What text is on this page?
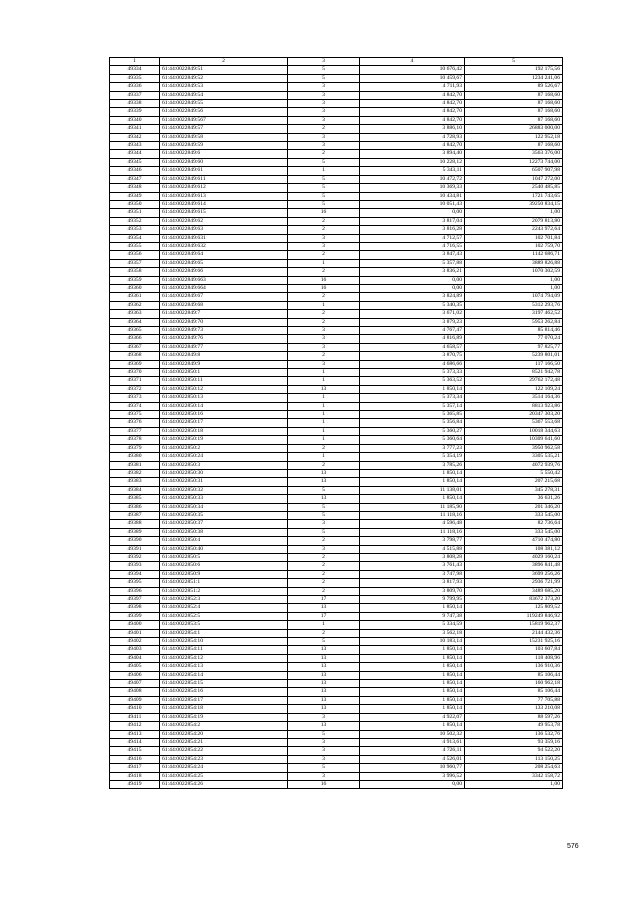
1	2	3	4	5
49334	61:44:0022849:51	5	10 676,42	192 175,56
49335	61:44:0022849:52	5	10 459,67	1234 241,06
49336	61:44:0022849:53	3	4 711,93	89 526,67
49337	61:44:0022849:54	3	4 842,70	87 168,60
49338	61:44:0022849:55	3	4 842,70	87 168,60
49339	61:44:0022849:56	3	4 842,70	87 168,60
49340	61:44:0022849:567	3	4 842,70	87 168,60
49341	61:44:0022849:57	2	3 886,10	26883 000,00
49342	61:44:0022849:58	3	4 728,93	122 952,18
49343	61:44:0022849:59	3	4 842,70	87 168,60
49344	61:44:0022849:6	2	3 894,40	3563 376,00
49345	61:44:0022849:60	5	10 228,12	12273 744,00
49346	61:44:0022849:61	1	5 343,11	6507 907,98
49347	61:44:0022849:611	5	10 472,72	1047 272,00
49348	61:44:0022849:612	5	10 369,33	2540 485,85
49349	61:44:0022849:613	5	10 434,81	1721 743,65
49350	61:44:0022849:614	5	10 051,43	39250 834,15
49351	61:44:0022849:615	16	0,00	1,00
49352	61:44:0022849:62	2	3 817,04	2079 813,80
49353	61:44:0022849:63	2	3 816,28	2243 972,64
49354	61:44:0022849:631	3	4 712,57	102 701,84
49355	61:44:0022849:632	3	4 716,55	102 759,70
49356	61:44:0022849:64	2	3 847,43	1142 686,71
49357	61:44:0022849:65	1	5 357,88	3889 826,88
49358	61:44:0022849:66	2	3 836,21	1070 302,59
49359	61:44:0022849:663	16	0,00	1,00
49360	61:44:0022849:664	16	0,00	1,00
49361	61:44:0022849:67	2	3 824,89	1074 794,09
49362	61:44:0022849:68	1	5 340,35	5312 293,76
49363	61:44:0022849:7	2	3 671,02	3197 462,52
49364	61:44:0022849:70	2	3 879,23	5953 262,84
49365	61:44:0022849:73	3	4 767,47	85 814,46
49366	61:44:0022849:76	3	4 816,89	77 070,24
49367	61:44:0022849:77	3	4 658,57	97 825,77
49368	61:44:0022849:8	2	3 870,75	5239 801,01
49369	61:44:0022849:9	3	4 686,66	117 166,50
49370	61:44:0022850:1	1	5 373,33	8521 942,78
49371	61:44:0022850:11	1	5 363,52	29762 172,48
49372	61:44:0022850:12	13	1 850,14	122 109,24
49373	61:44:0022850:13	1	5 373,34	3514 164,36
49374	61:44:0022850:14	1	5 357,14	8813 923,86
49375	61:44:0022850:16	1	5 365,85	20347 303,20
49376	61:44:0022850:17	1	5 356,84	5367 553,68
49377	61:44:0022850:18	1	5 360,27	10018 344,63
49378	61:44:0022850:19	1	5 360,64	10309 641,60
49379	61:44:0022850:2	2	3 777,23	3950 962,58
49380	61:44:0022850:24	1	5 354,19	3305 535,21
49381	61:44:0022850:3	2	3 785,26	4072 939,76
49382	61:44:0022850:30	13	1 850,14	5 550,42
49383	61:44:0022850:31	13	1 850,14	207 215,68
49384	61:44:0022850:32	5	11 138,01	345 278,31
49385	61:44:0022850:33	13	1 850,14	36 631,26
49386	61:44:0022850:34	5	11 185,90	201 346,20
49387	61:44:0022850:35	5	11 118,16	333 545,00
49388	61:44:0022850:37	3	4 596,48	82 736,64
49389	61:44:0022850:38	5	11 118,16	333 545,00
49390	61:44:0022850:4	2	3 798,77	4710 474,80
49391	61:44:0022850:40	3	4 515,88	108 381,12
49392	61:44:0022850:5	2	3 808,28	4029 160,24
49393	61:44:0022850:6	2	3 761,43	3896 841,48
49394	61:44:0022850:9	2	3 747,98	3699 256,26
49395	61:44:0022851:1	2	3 817,93	2936 721,99
49396	61:44:0022851:2	2	3 809,70	3489 685,20
49397	61:44:0022852:3	17	9 799,95	83672 373,20
49398	61:44:0022852:4	13	1 850,14	125 809,52
49399	61:44:0022852:5	17	9 747,38	119249 846,92
49400	61:44:0022853:5	1	5 334,59	15819 962,37
49401	61:44:0022854:1	2	3 562,18	2144 432,36
49402	61:44:0022854:10	5	10 183,14	15231 925,16
49403	61:44:0022854:11	13	1 850,14	103 607,84
49404	61:44:0022854:12	13	1 850,14	118 408,96
49405	61:44:0022854:13	13	1 850,14	136 910,36
49406	61:44:0022854:14	13	1 850,14	85 106,44
49407	61:44:0022854:15	13	1 850,14	160 962,18
49408	61:44:0022854:16	13	1 850,14	85 106,44
49409	61:44:0022854:17	13	1 850,14	77 705,88
49410	61:44:0022854:18	13	1 850,14	133 210,08
49411	61:44:0022854:19	3	4 922,07	88 597,26
49412	61:44:0022854:2	13	1 850,14	49 953,78
49413	61:44:0022854:20	5	10 502,32	136 532,76
49414	61:44:0022854:21	3	4 913,61	93 359,16
49415	61:44:0022854:22	3	4 726,11	94 522,20
49416	61:44:0022854:23	3	4 526,01	113 150,25
49417	61:44:0022854:24	5	10 960,77	208 254,63
49418	61:44:0022854:25	3	3 996,52	3342 158,72
49419	61:44:0022854:26	16	0,00	1,00
576
